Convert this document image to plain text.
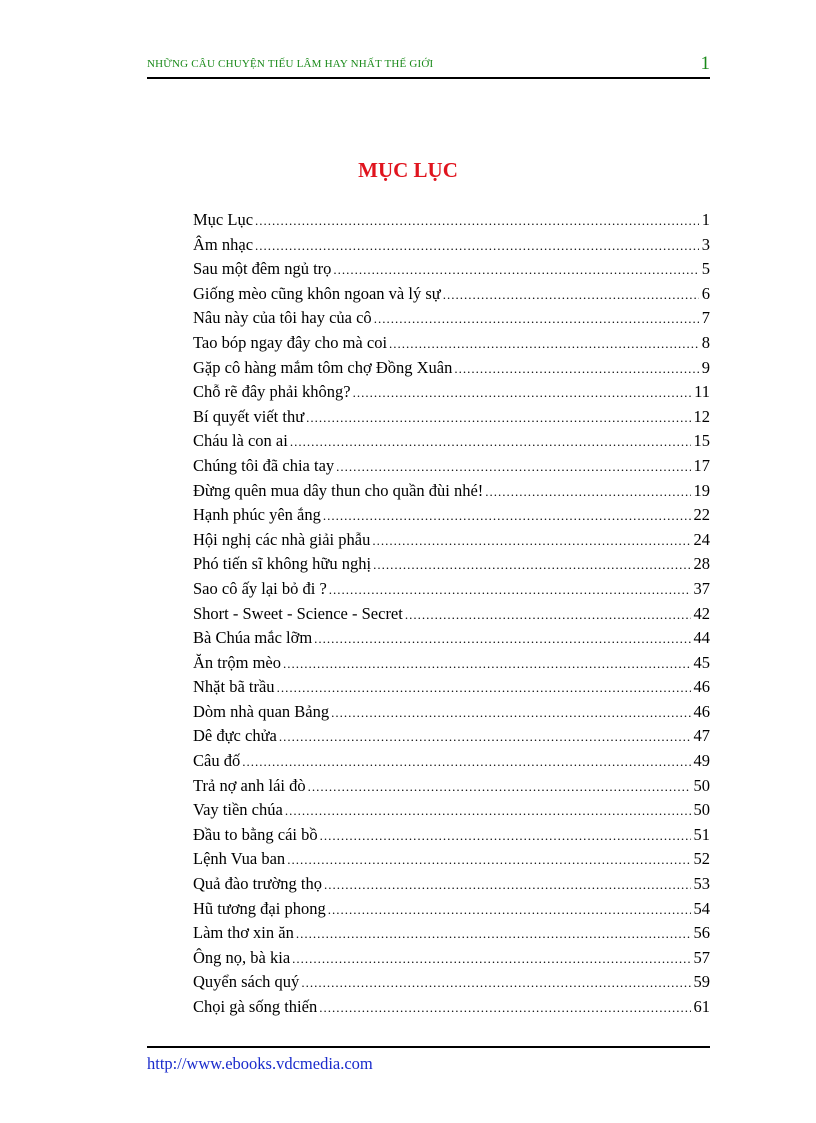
NHỮNG CÂU CHUYỆN TIẾU LÂM HAY NHẤT THẾ GIỚI	1
MỤC LỤC
Mục Lục .....	1
Âm nhạc .....	3
Sau một đêm ngủ trọ .....	5
Giống mèo cũng khôn ngoan và lý sự .....	6
Nâu này của tôi hay của cô .....	7
Tao bóp ngay đây cho mà coi .....	8
Gặp cô hàng mắm tôm chợ Đồng Xuân .....	9
Chỗ rẽ đây phải không? .....	11
Bí quyết viết thư .....	12
Cháu là con ai .....	15
Chúng tôi đã chia tay .....	17
Đừng quên mua dây thun cho quần đùi nhé! .....	19
Hạnh phúc yên ắng .....	22
Hội nghị các nhà giải phẫu .....	24
Phó tiến sĩ không hữu nghị .....	28
Sao cô ấy lại bỏ đi ? .....	37
Short - Sweet - Science - Secret .....	42
Bà Chúa mắc lỡm .....	44
Ăn trộm mèo .....	45
Nhặt bã trầu .....	46
Dòm nhà quan Bảng .....	46
Dê đực chửa .....	47
Câu đố .....	49
Trả nợ anh lái đò .....	50
Vay tiền chúa .....	50
Đầu to bằng cái bồ .....	51
Lệnh Vua ban .....	52
Quả đào trường thọ .....	53
Hũ tương đại phong .....	54
Làm thơ xin ăn .....	56
Ông nọ, bà kia .....	57
Quyển sách quý .....	59
Chọi gà sống thiến .....	61
http://www.ebooks.vdcmedia.com
